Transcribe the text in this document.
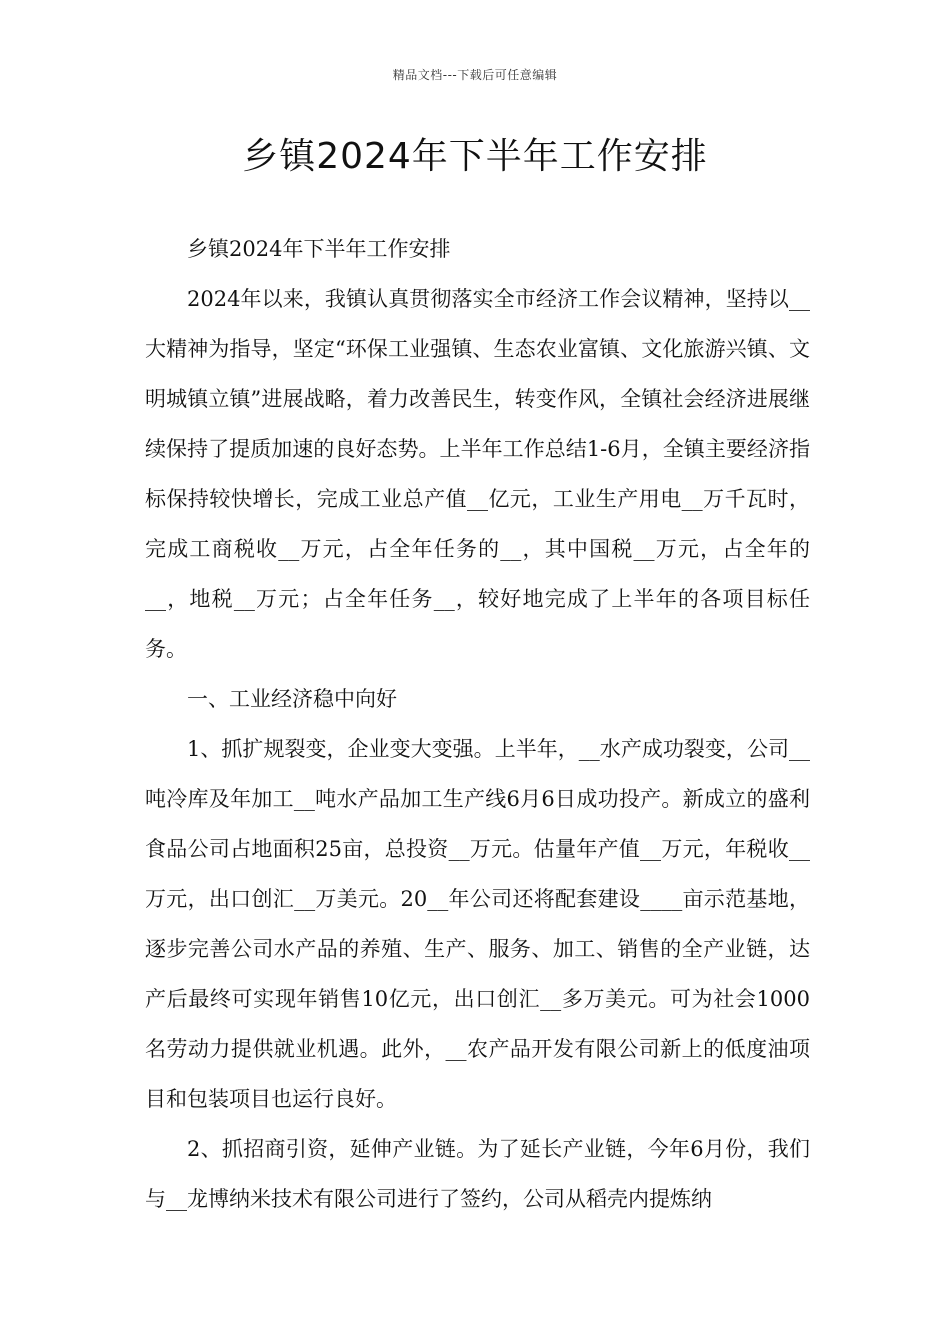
精品文档---下载后可任意编辑
乡镇2024年下半年工作安排

乡镇2024年下半年工作安排

2024年以来，我镇认真贯彻落实全市经济工作会议精神，坚持以__大精神为指导，坚定“环保工业强镇、生态农业富镇、文化旅游兴镇、文明城镇立镇”进展战略，着力改善民生，转变作风，全镇社会经济进展继续保持了提质加速的良好态势。上半年工作总结1-6月，全镇主要经济指标保持较快增长，完成工业总产值__亿元，工业生产用电__万千瓦时，完成工商税收__万元，占全年任务的__，其中国税__万元，占全年的__，地税__万元；占全年任务__，较好地完成了上半年的各项目标任务。

一、工业经济稳中向好

1、抓扩规裂变，企业变大变强。上半年，__水产成功裂变，公司__吨冷库及年加工__吨水产品加工生产线6月6日成功投产。新成立的盛利食品公司占地面积25亩，总投资__万元。估量年产值__万元，年税收__万元，出口创汇__万美元。20__年公司还将配套建设____亩示范基地，逐步完善公司水产品的养殖、生产、服务、加工、销售的全产业链，达产后最终可实现年销售10亿元，出口创汇__多万美元。可为社会1000名劳动力提供就业机遇。此外，__农产品开发有限公司新上的低度油项目和包装项目也运行良好。

2、抓招商引资，延伸产业链。为了延长产业链，今年6月份，我们与__龙博纳米技术有限公司进行了签约，公司从稻壳内提炼纳
